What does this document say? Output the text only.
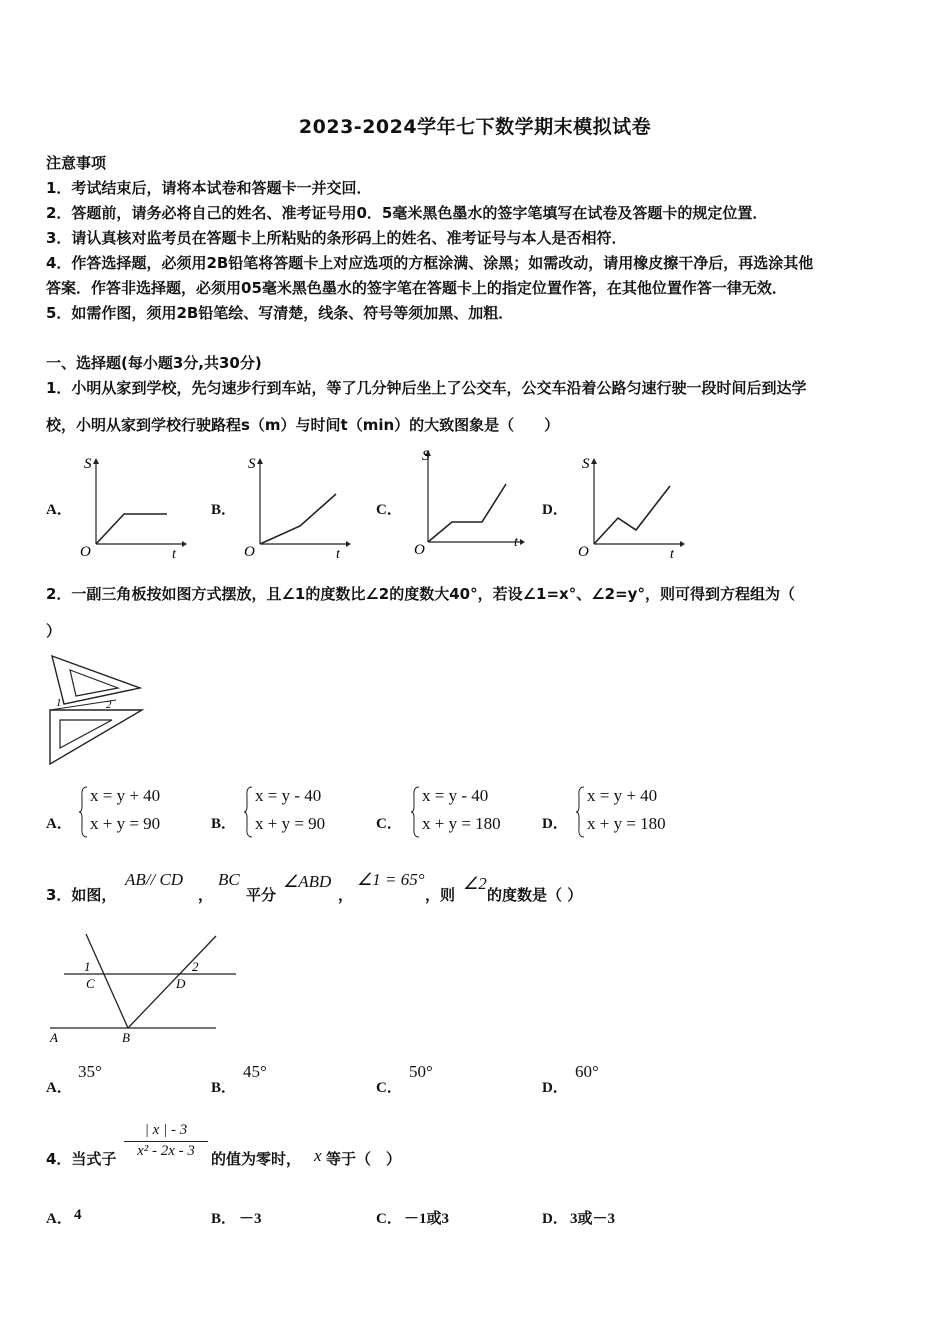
2023-2024学年七下数学期末模拟试卷
注意事项
1．考试结束后，请将本试卷和答题卡一并交回．
2．答题前，请务必将自己的姓名、准考证号用0．5毫米黑色墨水的签字笔填写在试卷及答题卡的规定位置．
3．请认真核对监考员在答题卡上所粘贴的条形码上的姓名、准考证号与本人是否相符．
4．作答选择题，必须用2B铅笔将答题卡上对应选项的方框涂满、涂黑；如需改动，请用橡皮擦干净后，再选涂其他
答案．作答非选择题，必须用05毫米黑色墨水的签字笔在答题卡上的指定位置作答，在其他位置作答一律无效．
5．如需作图，须用2B铅笔绘、写清楚，线条、符号等须加黑、加粗．
一、选择题(每小题3分,共30分)
1．小明从家到学校，先匀速步行到车站，等了几分钟后坐上了公交车，公交车沿着公路匀速行驶一段时间后到达学
校，小明从家到学校行驶路程s（m）与时间t（min）的大致图象是（　　）
A．	B．	C．	D．
S
t
O
S
t
O
S
t
O
S
t
O
2．一副三角板按如图方式摆放，且∠1的度数比∠2的度数大40°，若设∠1=x°、∠2=y°，则可得到方程组为（
）
1	2
A．
x = y + 40
x + y = 90	B．
x = y - 40
x + y = 90	C．
x = y - 40
x + y = 180	D．
x = y + 40
x + y = 180
3．如图，
AB// CD
，
BC
平分
∠ABD
，
∠1 = 65°
，则
∠2
的度数是（ ）
1	2
C	D
A	B
A．
35°
B．
45°
C．
50°
D．
60°
4．当式子 $\frac{| x | - 3}{\text{x² - 2x - 3}}$ 的值为零时， x 等于（　）
A． 4	B． －3	C． －1或3	D． 3或－3
